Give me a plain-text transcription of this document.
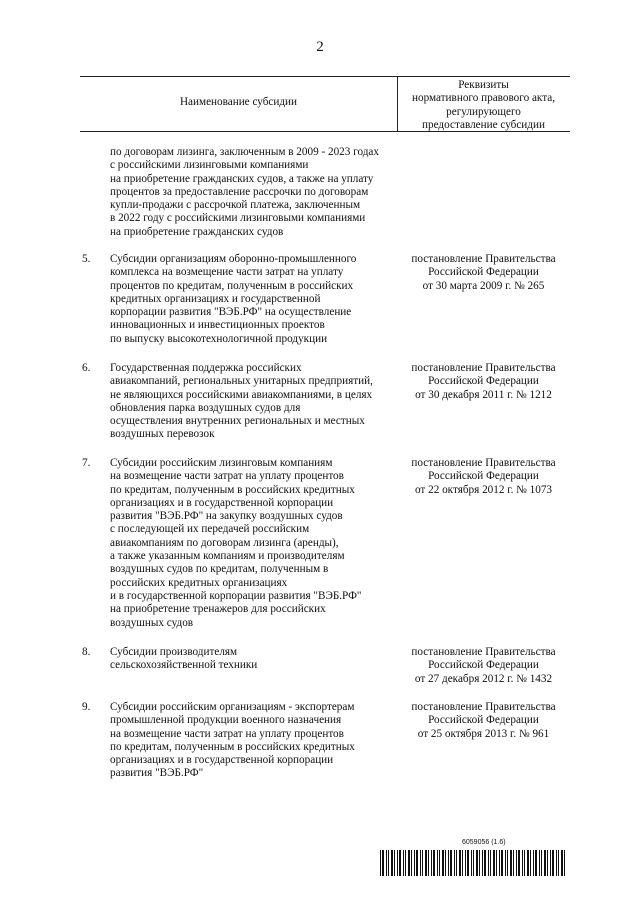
2
Наименование субсидии
Реквизиты
нормативного правового акта,
регулирующего
предоставление субсидии
по договорам лизинга, заключенным в 2009 - 2023 годах
с российскими лизинговыми компаниями
на приобретение гражданских судов, а также на уплату
процентов за предоставление рассрочки по договорам
купли-продажи с рассрочкой платежа, заключенным
в 2022 году с российскими лизинговыми компаниями
на приобретение гражданских судов
5. Субсидии организациям оборонно-промышленного
комплекса на возмещение части затрат на уплату
процентов по кредитам, полученным в российских
кредитных организациях и государственной
корпорации развития "ВЭБ.РФ" на осуществление
инновационных и инвестиционных проектов
по выпуску высокотехнологичной продукции
постановление Правительства
Российской Федерации
от 30 марта 2009 г. № 265
6. Государственная поддержка российских
авиакомпаний, региональных унитарных предприятий,
не являющихся российскими авиакомпаниями, в целях
обновления парка воздушных судов для
осуществления внутренних региональных и местных
воздушных перевозок
постановление Правительства
Российской Федерации
от 30 декабря 2011 г. № 1212
7. Субсидии российским лизинговым компаниям
на возмещение части затрат на уплату процентов
по кредитам, полученным в российских кредитных
организациях и в государственной корпорации
развития "ВЭБ.РФ" на закупку воздушных судов
с последующей их передачей российским
авиакомпаниям по договорам лизинга (аренды),
а также указанным компаниям и производителям
воздушных судов по кредитам, полученным в
российских кредитных организациях
и в государственной корпорации развития "ВЭБ.РФ"
на приобретение тренажеров для российских
воздушных судов
постановление Правительства
Российской Федерации
от 22 октября 2012 г. № 1073
8. Субсидии производителям
сельскохозяйственной техники
постановление Правительства
Российской Федерации
от 27 декабря 2012 г. № 1432
9. Субсидии российским организациям - экспортерам
промышленной продукции военного назначения
на возмещение части затрат на уплату процентов
по кредитам, полученным в российских кредитных
организациях и в государственной корпорации
развития "ВЭБ.РФ"
постановление Правительства
Российской Федерации
от 25 октября 2013 г. № 961
6059056 (1.6)
